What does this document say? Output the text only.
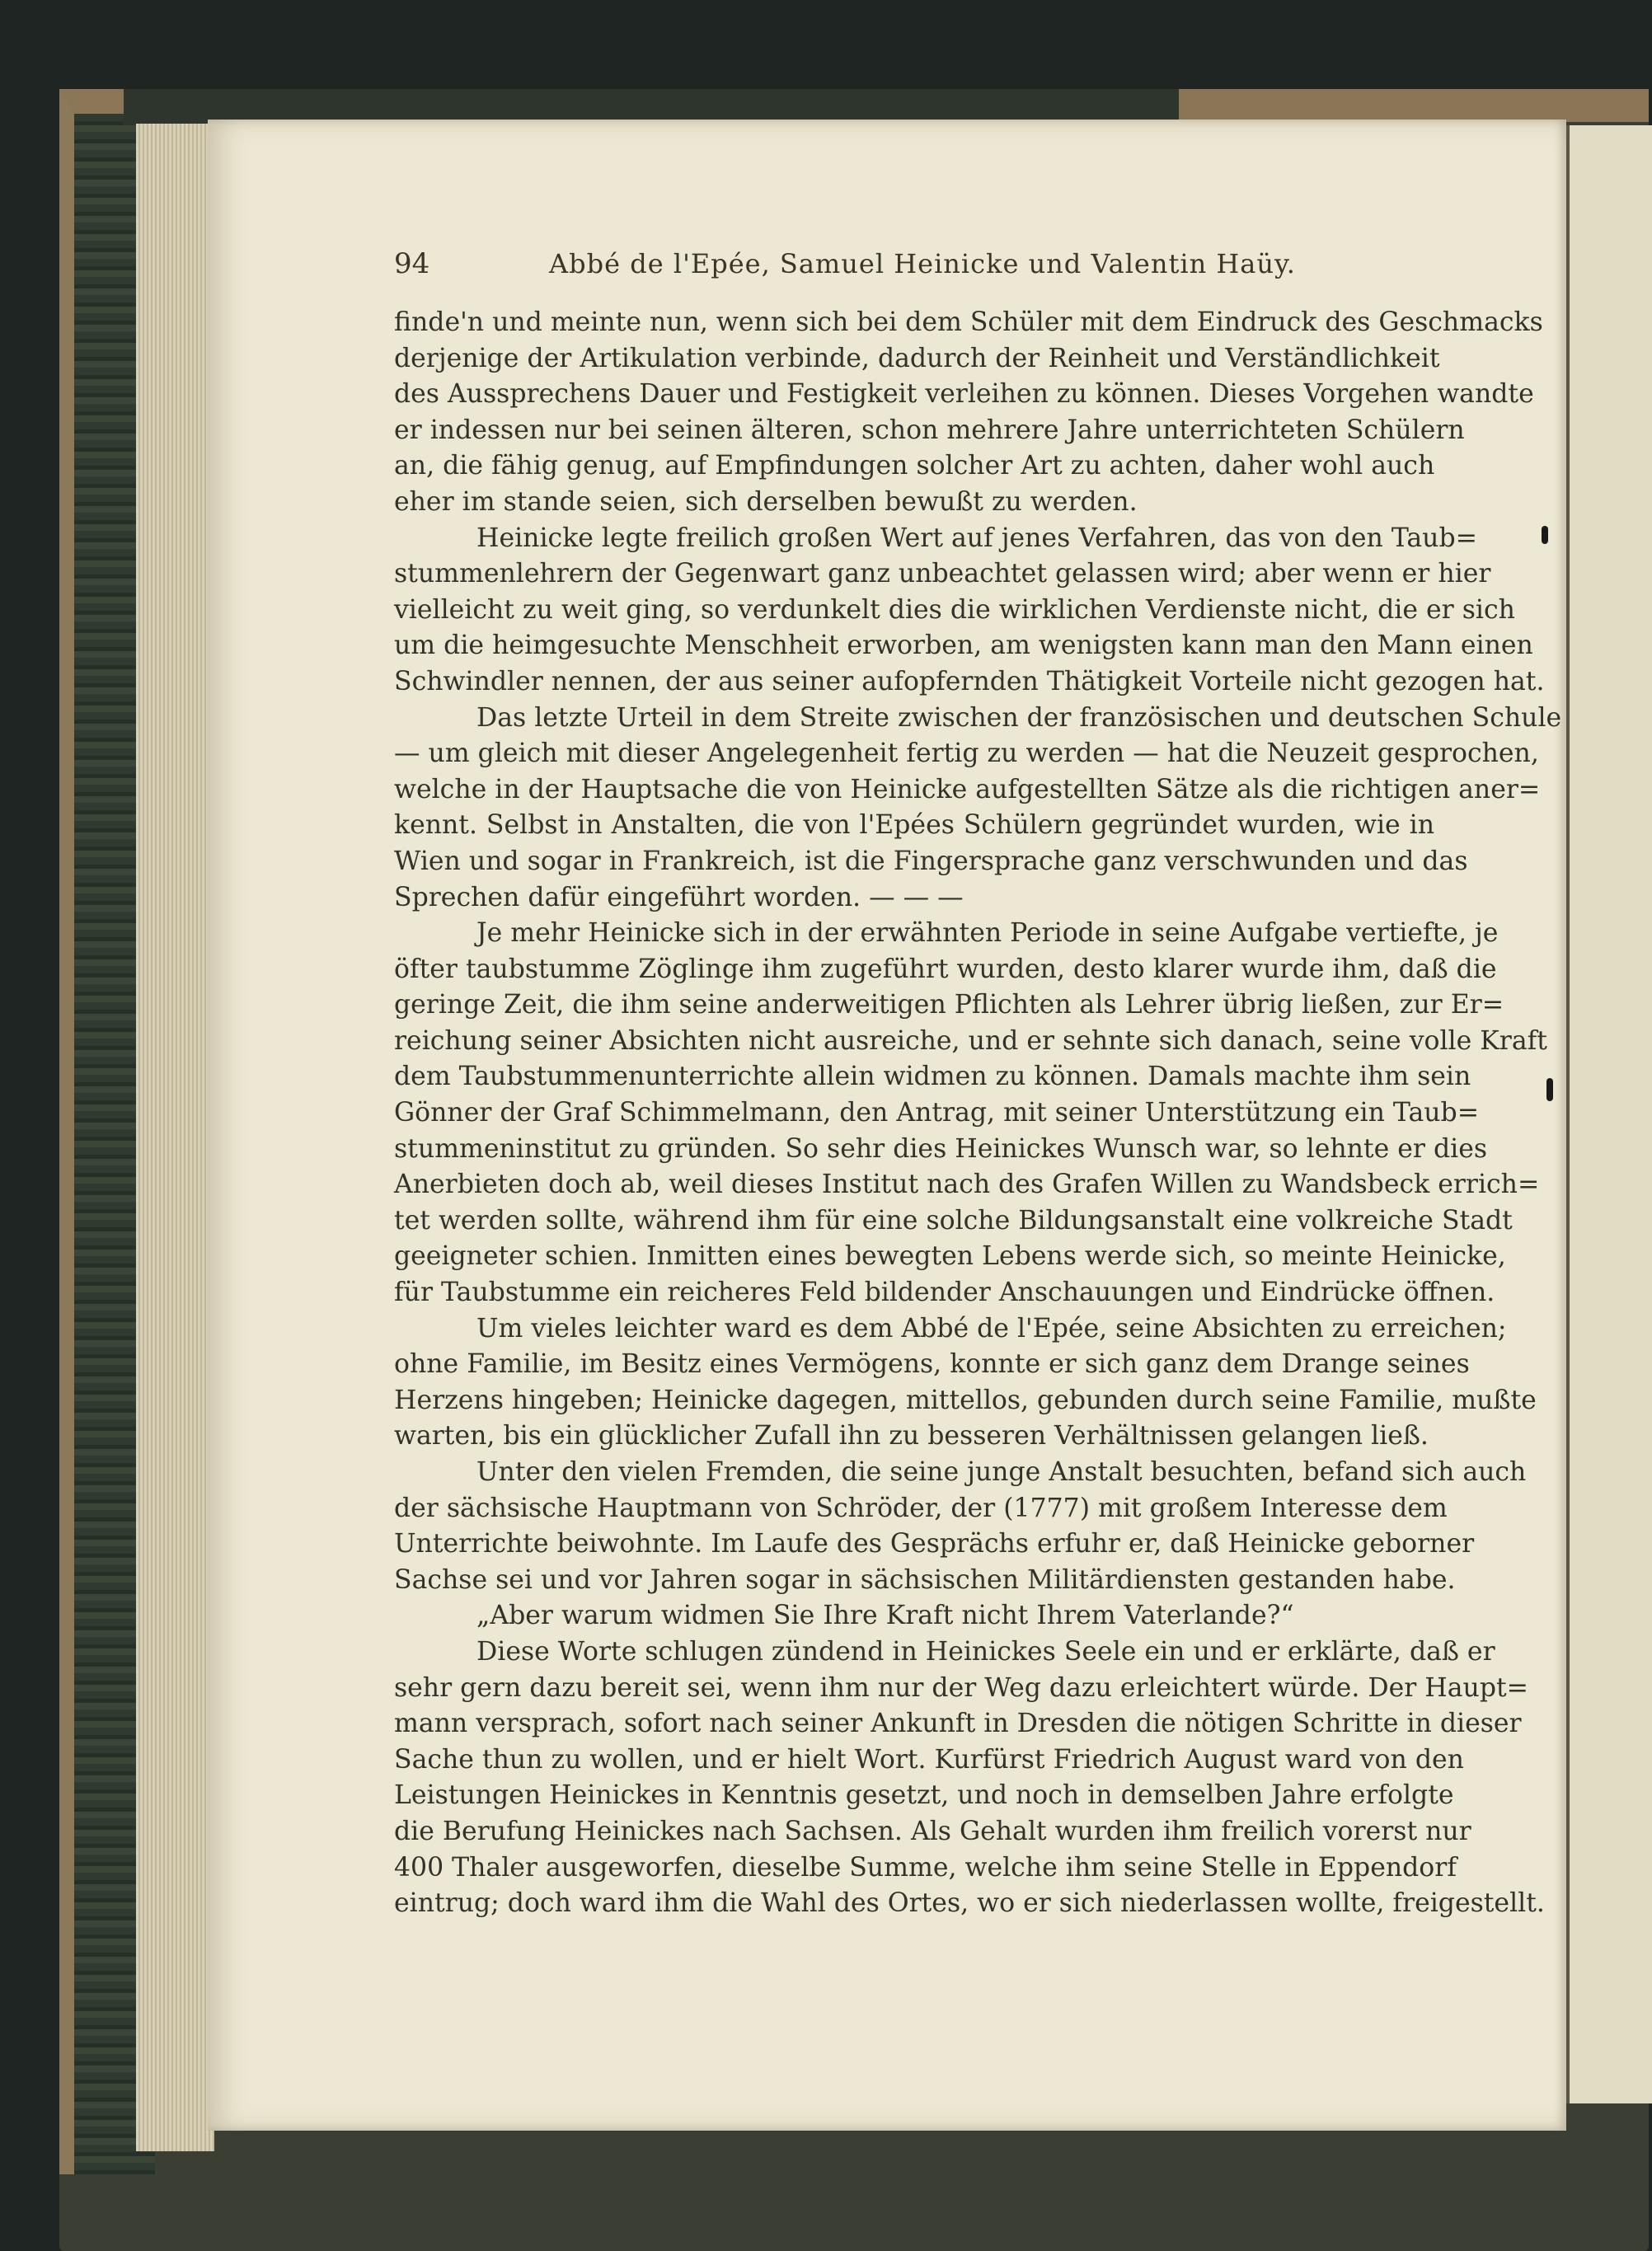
94	Abbé de l'Epée, Samuel Heinicke und Valentin Haüy.
finde'n und meinte nun, wenn sich bei dem Schüler mit dem Eindruck des Geschmacks
derjenige der Artikulation verbinde, dadurch der Reinheit und Verständlichkeit
des Aussprechens Dauer und Festigkeit verleihen zu können. Dieses Vorgehen wandte
er indessen nur bei seinen älteren, schon mehrere Jahre unterrichteten Schülern
an, die fähig genug, auf Empfindungen solcher Art zu achten, daher wohl auch
eher im stande seien, sich derselben bewußt zu werden.
Heinicke legte freilich großen Wert auf jenes Verfahren, das von den Taub=
stummenlehrern der Gegenwart ganz unbeachtet gelassen wird; aber wenn er hier
vielleicht zu weit ging, so verdunkelt dies die wirklichen Verdienste nicht, die er sich
um die heimgesuchte Menschheit erworben, am wenigsten kann man den Mann einen
Schwindler nennen, der aus seiner aufopfernden Thätigkeit Vorteile nicht gezogen hat.
Das letzte Urteil in dem Streite zwischen der französischen und deutschen Schule
— um gleich mit dieser Angelegenheit fertig zu werden — hat die Neuzeit gesprochen,
welche in der Hauptsache die von Heinicke aufgestellten Sätze als die richtigen aner=
kennt. Selbst in Anstalten, die von l'Epées Schülern gegründet wurden, wie in
Wien und sogar in Frankreich, ist die Fingersprache ganz verschwunden und das
Sprechen dafür eingeführt worden. — — —
Je mehr Heinicke sich in der erwähnten Periode in seine Aufgabe vertiefte, je
öfter taubstumme Zöglinge ihm zugeführt wurden, desto klarer wurde ihm, daß die
geringe Zeit, die ihm seine anderweitigen Pflichten als Lehrer übrig ließen, zur Er=
reichung seiner Absichten nicht ausreiche, und er sehnte sich danach, seine volle Kraft
dem Taubstummenunterrichte allein widmen zu können. Damals machte ihm sein
Gönner der Graf Schimmelmann, den Antrag, mit seiner Unterstützung ein Taub=
stummeninstitut zu gründen. So sehr dies Heinickes Wunsch war, so lehnte er dies
Anerbieten doch ab, weil dieses Institut nach des Grafen Willen zu Wandsbeck errich=
tet werden sollte, während ihm für eine solche Bildungsanstalt eine volkreiche Stadt
geeigneter schien. Inmitten eines bewegten Lebens werde sich, so meinte Heinicke,
für Taubstumme ein reicheres Feld bildender Anschauungen und Eindrücke öffnen.
Um vieles leichter ward es dem Abbé de l'Epée, seine Absichten zu erreichen;
ohne Familie, im Besitz eines Vermögens, konnte er sich ganz dem Drange seines
Herzens hingeben; Heinicke dagegen, mittellos, gebunden durch seine Familie, mußte
warten, bis ein glücklicher Zufall ihn zu besseren Verhältnissen gelangen ließ.
Unter den vielen Fremden, die seine junge Anstalt besuchten, befand sich auch
der sächsische Hauptmann von Schröder, der (1777) mit großem Interesse dem
Unterrichte beiwohnte. Im Laufe des Gesprächs erfuhr er, daß Heinicke geborner
Sachse sei und vor Jahren sogar in sächsischen Militärdiensten gestanden habe.
„Aber warum widmen Sie Ihre Kraft nicht Ihrem Vaterlande?“
Diese Worte schlugen zündend in Heinickes Seele ein und er erklärte, daß er
sehr gern dazu bereit sei, wenn ihm nur der Weg dazu erleichtert würde. Der Haupt=
mann versprach, sofort nach seiner Ankunft in Dresden die nötigen Schritte in dieser
Sache thun zu wollen, und er hielt Wort. Kurfürst Friedrich August ward von den
Leistungen Heinickes in Kenntnis gesetzt, und noch in demselben Jahre erfolgte
die Berufung Heinickes nach Sachsen. Als Gehalt wurden ihm freilich vorerst nur
400 Thaler ausgeworfen, dieselbe Summe, welche ihm seine Stelle in Eppendorf
eintrug; doch ward ihm die Wahl des Ortes, wo er sich niederlassen wollte, freigestellt.
